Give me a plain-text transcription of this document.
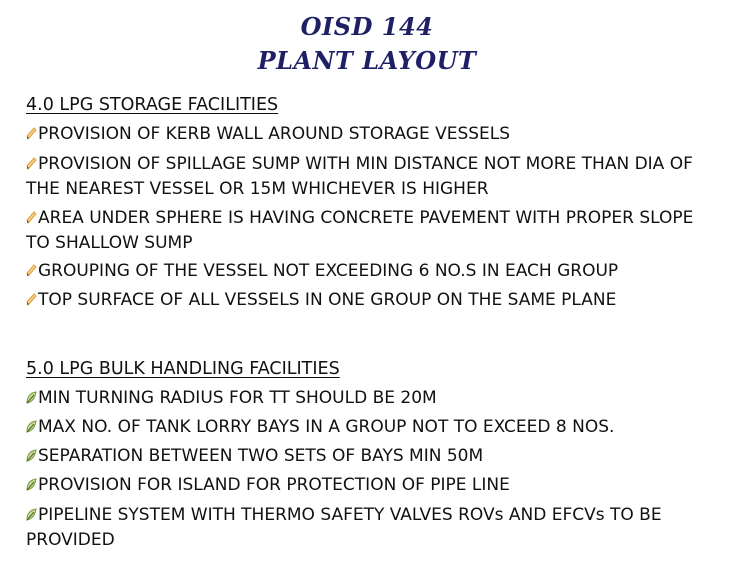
OISD 144
PLANT LAYOUT
4.0 LPG STORAGE FACILITIES

PROVISION OF KERB WALL AROUND STORAGE VESSELS

PROVISION OF SPILLAGE SUMP WITH MIN DISTANCE NOT MORE THAN DIA OF THE NEAREST VESSEL OR 15M WHICHEVER IS HIGHER

AREA UNDER SPHERE IS HAVING CONCRETE PAVEMENT WITH PROPER SLOPE TO SHALLOW SUMP

GROUPING OF THE VESSEL NOT EXCEEDING 6 NO.S IN EACH GROUP

TOP SURFACE OF ALL VESSELS IN ONE GROUP ON THE SAME PLANE

5.0 LPG BULK HANDLING FACILITIES

MIN TURNING RADIUS FOR TT SHOULD BE 20M

MAX NO. OF TANK LORRY BAYS IN A GROUP NOT TO EXCEED 8 NOS.

SEPARATION BETWEEN TWO SETS OF BAYS MIN 50M

PROVISION FOR ISLAND FOR PROTECTION OF PIPE LINE

PIPELINE SYSTEM WITH THERMO SAFETY VALVES ROVs AND EFCVs TO BE PROVIDED
